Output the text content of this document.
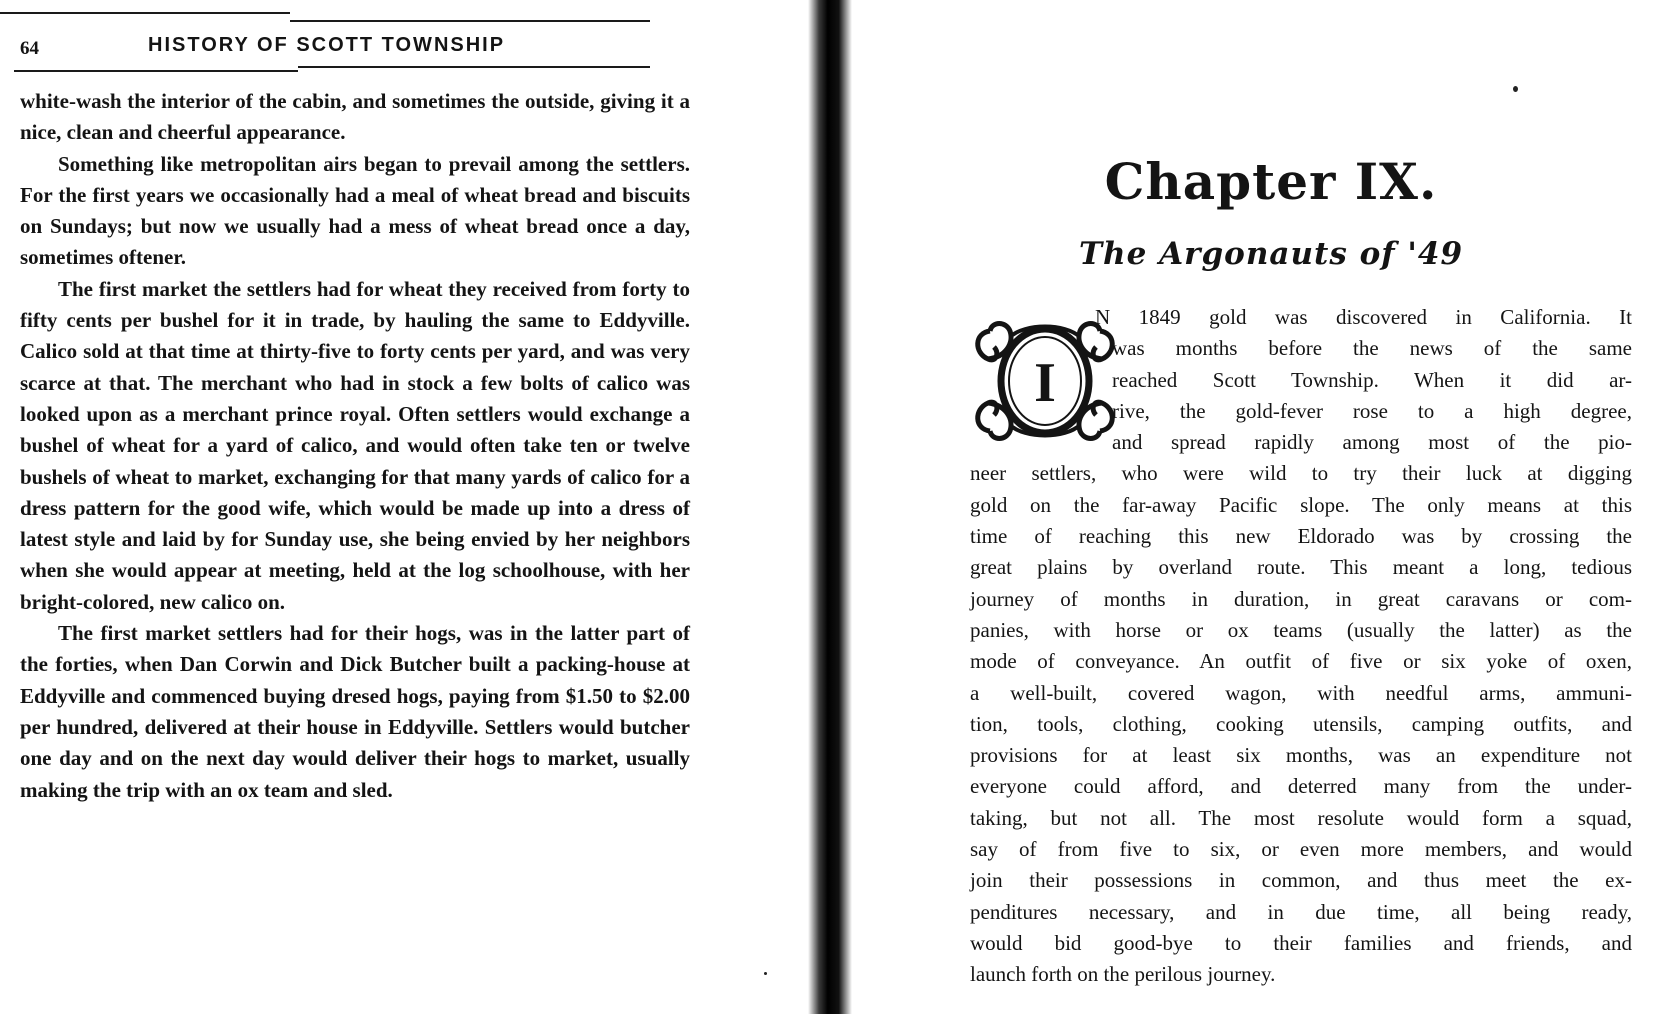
64	HISTORY OF SCOTT TOWNSHIP

white-wash the interior of the cabin, and sometimes the outside, giving it a nice, clean and cheerful appearance.

Something like metropolitan airs began to prevail among the settlers. For the first years we occasionally had a meal of wheat bread and biscuits on Sundays; but now we usually had a mess of wheat bread once a day, sometimes oftener.

The first market the settlers had for wheat they received from forty to fifty cents per bushel for it in trade, by hauling the same to Eddyville. Calico sold at that time at thirty-five to forty cents per yard, and was very scarce at that. The merchant who had in stock a few bolts of calico was looked upon as a merchant prince royal. Often settlers would exchange a bushel of wheat for a yard of calico, and would often take ten or twelve bushels of wheat to market, exchanging for that many yards of calico for a dress pattern for the good wife, which would be made up into a dress of latest style and laid by for Sunday use, she being envied by her neighbors when she would appear at meeting, held at the log schoolhouse, with her bright-colored, new calico on.

The first market settlers had for their hogs, was in the latter part of the forties, when Dan Corwin and Dick Butcher built a packing-house at Eddyville and commenced buying dresed hogs, paying from $1.50 to $2.00 per hundred, delivered at their house in Eddyville. Settlers would butcher one day and on the next day would deliver their hogs to market, usually making the trip with an ox team and sled.

Chapter IX.
The Argonauts of '49
I
N 1849 gold was discovered in California. It
was months before the news of the same
reached Scott Township. When it did ar-
rive, the gold-fever rose to a high degree,
and spread rapidly among most of the pio-
neer settlers, who were wild to try their luck at digging
gold on the far-away Pacific slope. The only means at this
time of reaching this new Eldorado was by crossing the
great plains by overland route. This meant a long, tedious
journey of months in duration, in great caravans or com-
panies, with horse or ox teams (usually the latter) as the
mode of conveyance. An outfit of five or six yoke of oxen,
a well-built, covered wagon, with needful arms, ammuni-
tion, tools, clothing, cooking utensils, camping outfits, and
provisions for at least six months, was an expenditure not
everyone could afford, and deterred many from the under-
taking, but not all. The most resolute would form a squad,
say of from five to six, or even more members, and would
join their possessions in common, and thus meet the ex-
penditures necessary, and in due time, all being ready,
would bid good-bye to their families and friends, and
launch forth on the perilous journey.
